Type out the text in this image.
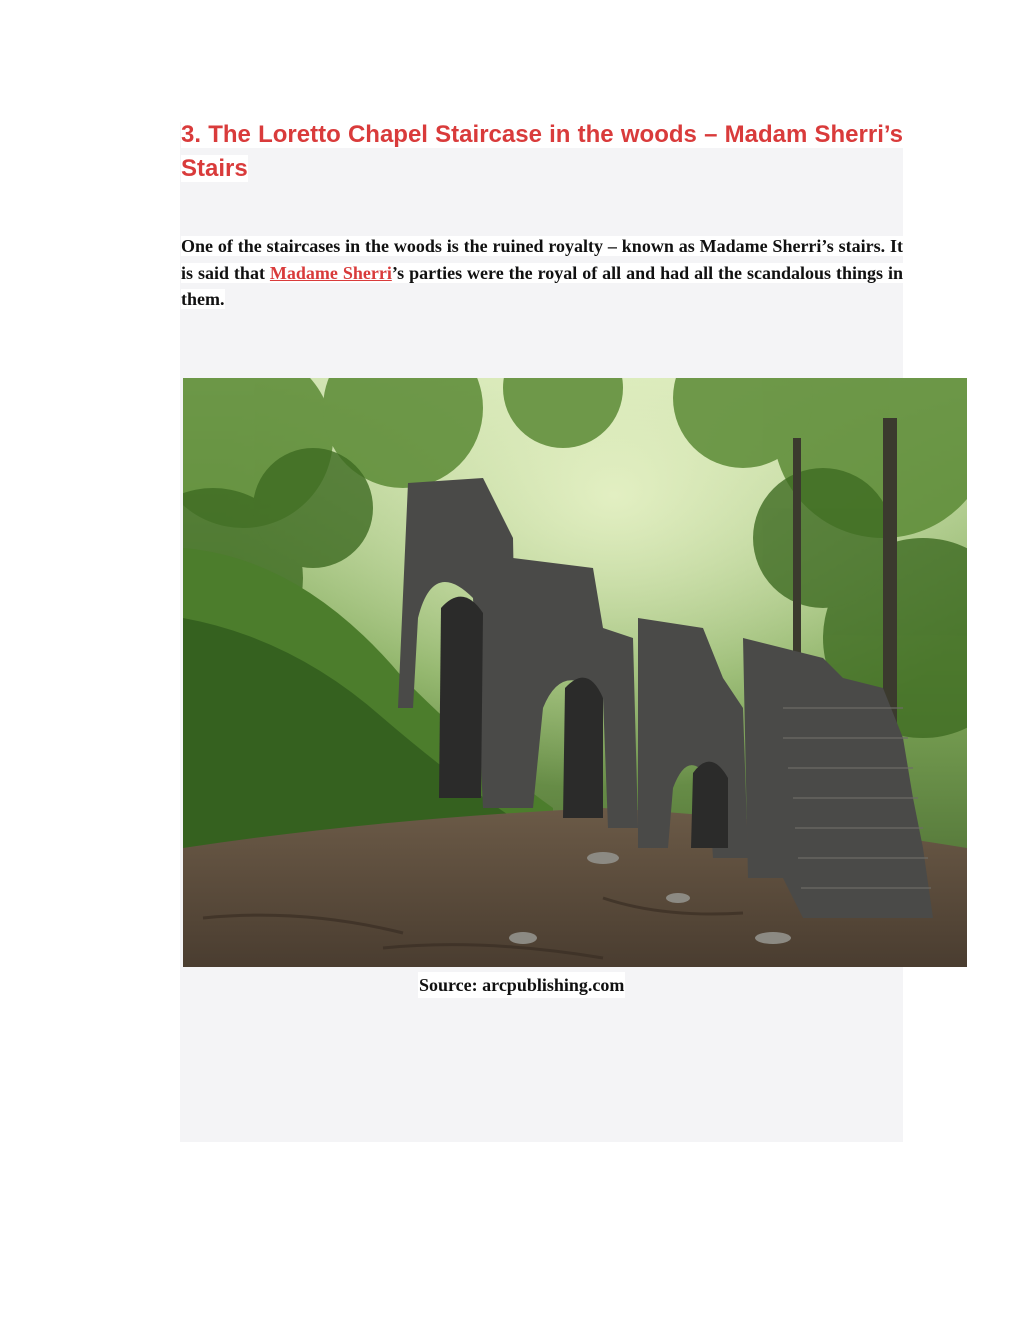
3. The Loretto Chapel Staircase in the woods – Madam Sherri’s Stairs

One of the staircases in the woods is the ruined royalty – known as Madame Sherri’s stairs. It is said that Madame Sherri’s parties were the royal of all and had all the scandalous things in them.

Source: arcpublishing.com
